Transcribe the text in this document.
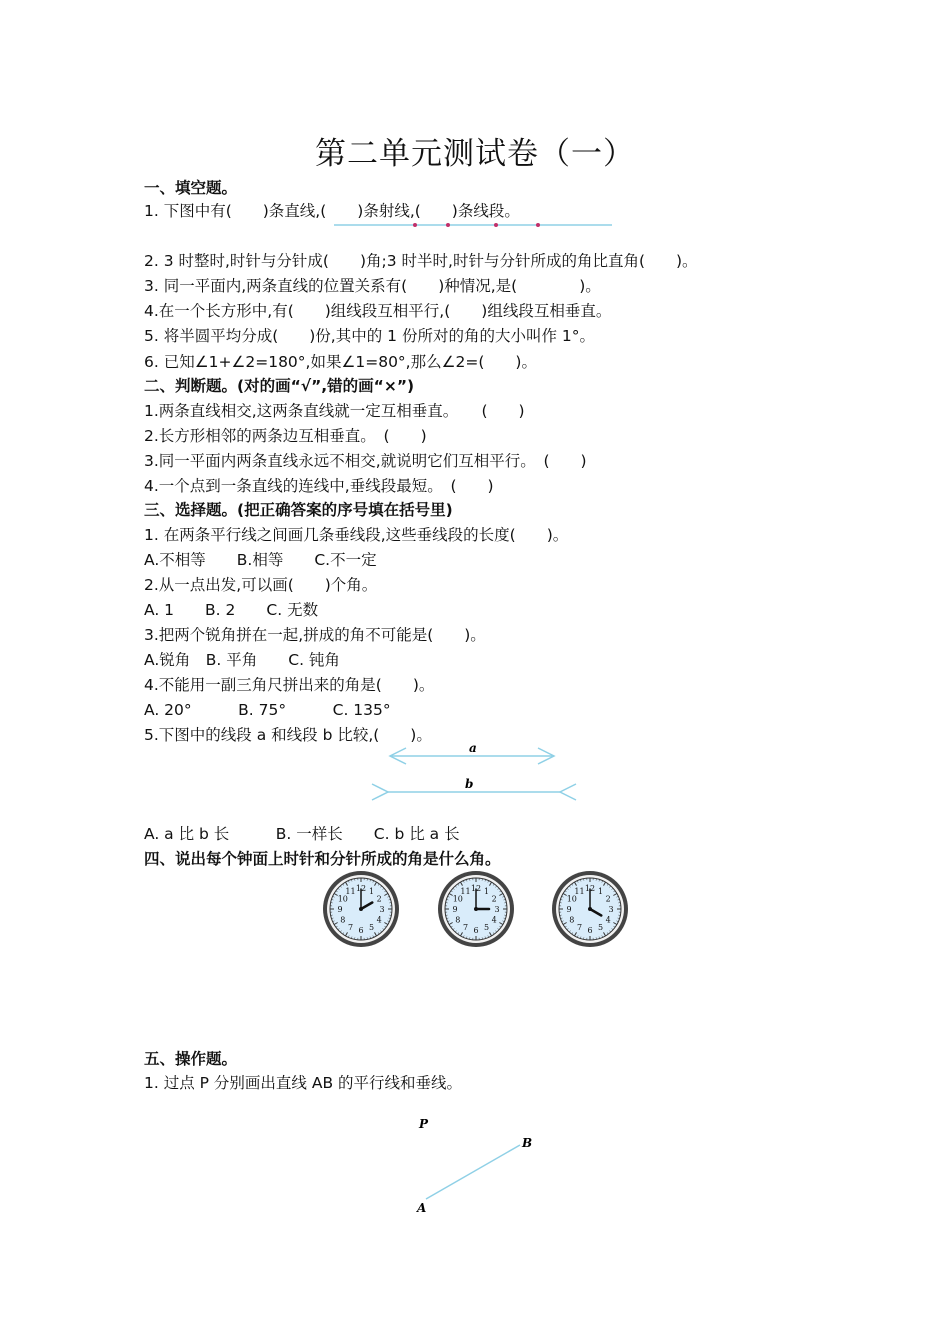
第二单元测试卷（一）
一、填空题。
1. 下图中有(　　)条直线,(　　)条射线,(　　)条线段。
2. 3 时整时,时针与分针成(　　)角;3 时半时,时针与分针所成的角比直角(　　)。
3. 同一平面内,两条直线的位置关系有(　　)种情况,是(　　　　)。
4.在一个长方形中,有(　　)组线段互相平行,(　　)组线段互相垂直。
5. 将半圆平均分成(　　)份,其中的 1 份所对的角的大小叫作 1°。
6. 已知∠1+∠2=180°,如果∠1=80°,那么∠2=(　　)。
二、判断题。(对的画“√”,错的画“×”)
1.两条直线相交,这两条直线就一定互相垂直。　　(　　)
2.长方形相邻的两条边互相垂直。　(　　)
3.同一平面内两条直线永远不相交,就说明它们互相平行。　(　　)
4.一个点到一条直线的连线中,垂线段最短。　(　　)
三、选择题。(把正确答案的序号填在括号里)
1. 在两条平行线之间画几条垂线段,这些垂线段的长度(　　)。
A.不相等　　B.相等　　C.不一定
2.从一点出发,可以画(　　)个角。
A. 1　　B. 2　　C. 无数
3.把两个锐角拼在一起,拼成的角不可能是(　　)。
A.锐角　B. 平角　　C. 钝角
4.不能用一副三角尺拼出来的角是(　　)。
A. 20°　　　B. 75°　　　C. 135°
5.下图中的线段 a 和线段 b 比较,(　　)。
a
b
A. a 比 b 长　　　B. 一样长　　C. b 比 a 长
四、说出每个钟面上时针和分针所成的角是什么角。
12 1
2
3
4
5
6
7
8
9
10
11	12 1
2
3
4
5
6
7
8
9
10
11	12 1
2
3
4
5
6
7
8
9
10
11
五、操作题。
1. 过点 P 分别画出直线 AB 的平行线和垂线。
P
B
A
